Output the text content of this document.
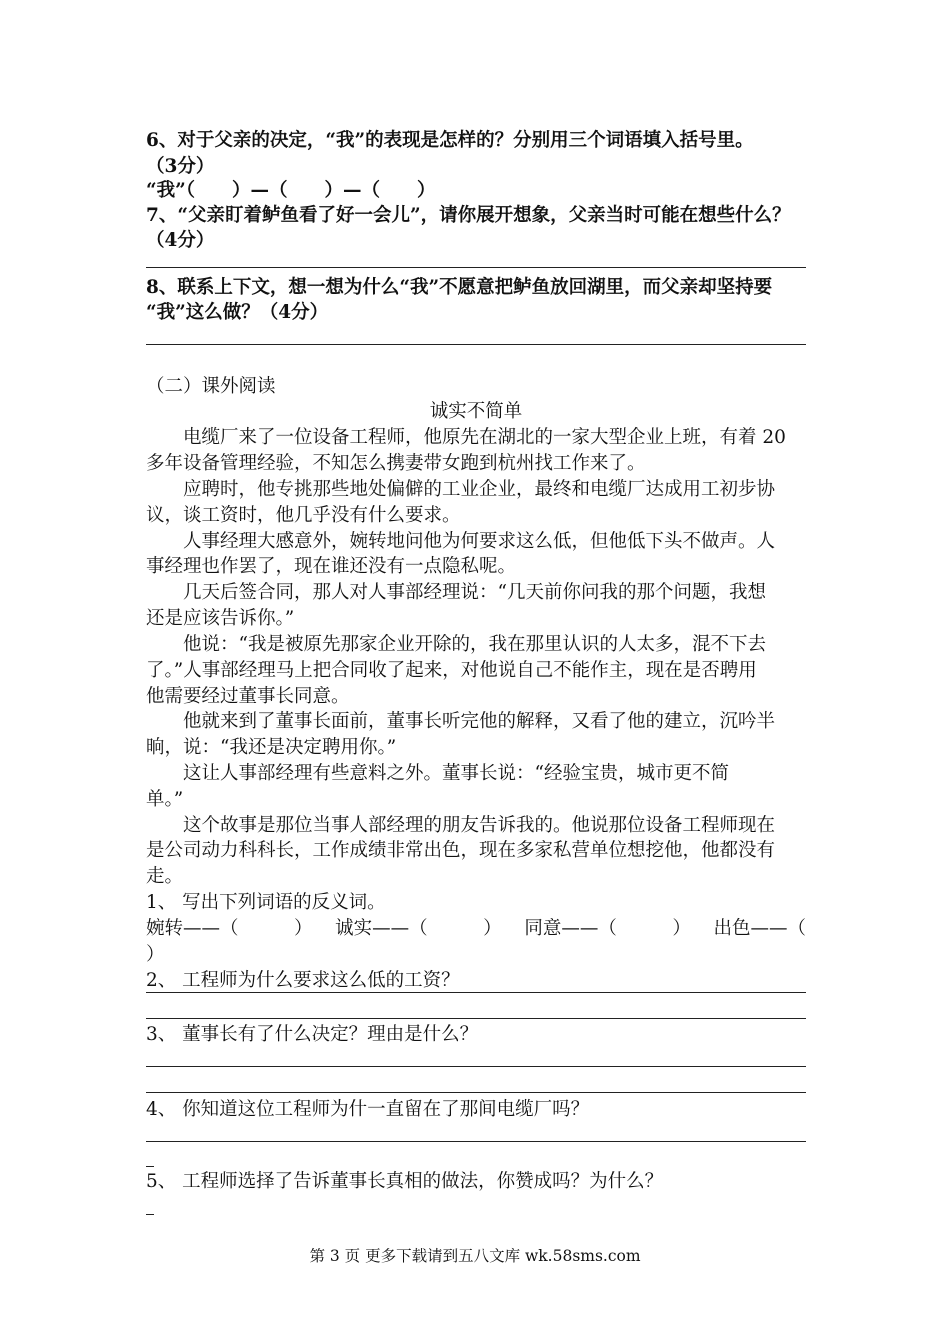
6、对于父亲的决定，“我”的表现是怎样的？分别用三个词语填入括号里。
（3分）
“我”（　　）—（　　）—（　　）
7、“父亲盯着鲈鱼看了好一会儿”，请你展开想象，父亲当时可能在想些什么？
（4分）
8、联系上下文，想一想为什么“我”不愿意把鲈鱼放回湖里，而父亲却坚持要
“我”这么做？（4分）
（二）课外阅读
诚实不简单
电缆厂来了一位设备工程师，他原先在湖北的一家大型企业上班，有着 20
多年设备管理经验，不知怎么携妻带女跑到杭州找工作来了。
应聘时，他专挑那些地处偏僻的工业企业，最终和电缆厂达成用工初步协
议，谈工资时，他几乎没有什么要求。
人事经理大感意外，婉转地问他为何要求这么低，但他低下头不做声。人
事经理也作罢了，现在谁还没有一点隐私呢。
几天后签合同，那人对人事部经理说：“几天前你问我的那个问题，我想
还是应该告诉你。”
他说：“我是被原先那家企业开除的，我在那里认识的人太多，混不下去
了。”人事部经理马上把合同收了起来，对他说自己不能作主，现在是否聘用
他需要经过董事长同意。
他就来到了董事长面前，董事长听完他的解释，又看了他的建立，沉吟半
晌，说：“我还是决定聘用你。”
这让人事部经理有些意料之外。董事长说：“经验宝贵，城市更不简
单。”
这个故事是那位当事人部经理的朋友告诉我的。他说那位设备工程师现在
是公司动力科科长，工作成绩非常出色，现在多家私营单位想挖他，他都没有
走。
1、 写出下列词语的反义词。
婉转——（　　　） 诚实——（　　　） 同意——（　　　） 出色——（
）
2、 工程师为什么要求这么低的工资？
3、 董事长有了什么决定？理由是什么？
4、 你知道这位工程师为什一直留在了那间电缆厂吗？
5、 工程师选择了告诉董事长真相的做法，你赞成吗？为什么？
第 3 页 更多下载请到五八文库 wk.58sms.com
